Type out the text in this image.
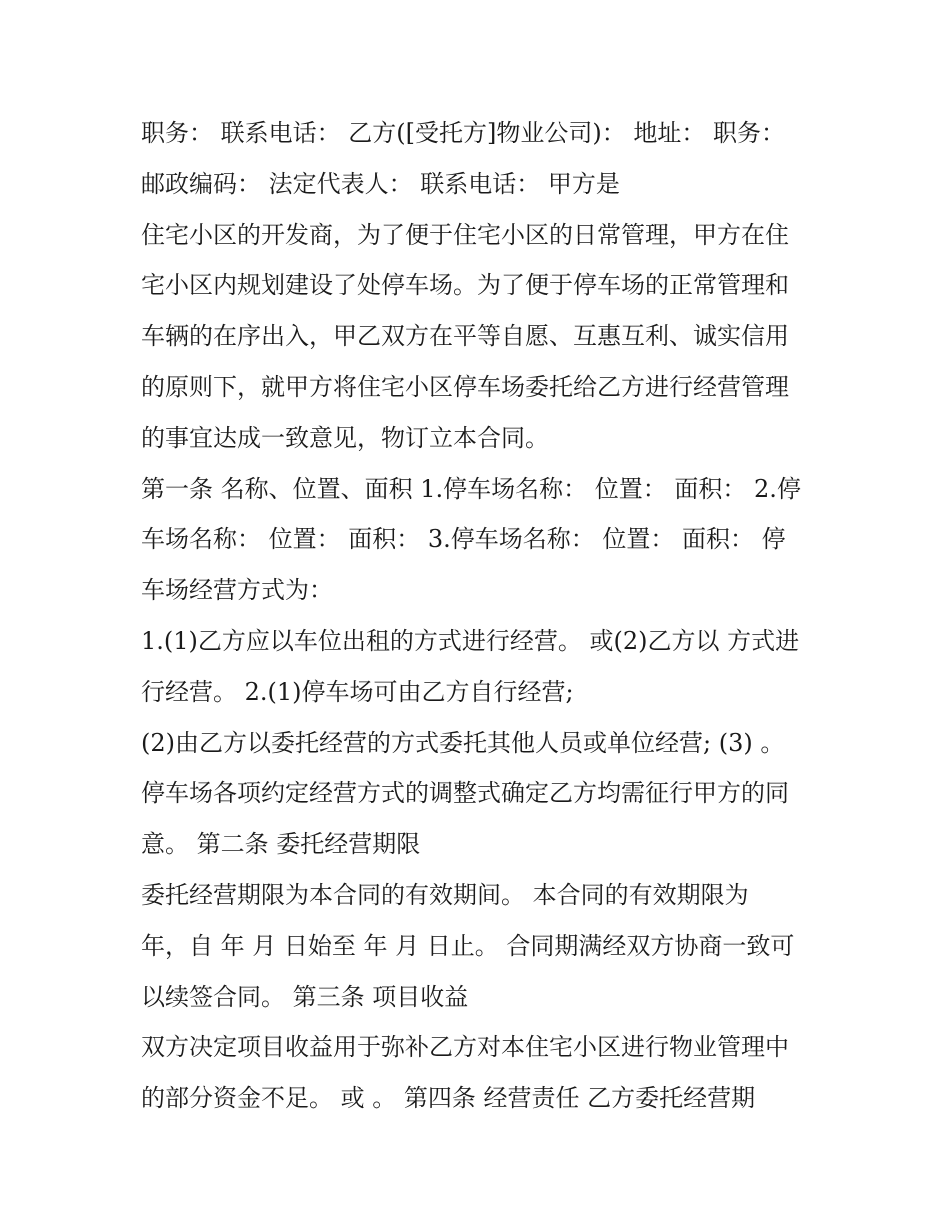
职务： 联系电话： 乙方([受托方]物业公司)： 地址： 职务：
邮政编码： 法定代表人： 联系电话： 甲方是
住宅小区的开发商，为了便于住宅小区的日常管理，甲方在住
宅小区内规划建设了处停车场。为了便于停车场的正常管理和
车辆的在序出入，甲乙双方在平等自愿、互惠互利、诚实信用
的原则下，就甲方将住宅小区停车场委托给乙方进行经营管理
的事宜达成一致意见，物订立本合同。
第一条 名称、位置、面积 1.停车场名称： 位置： 面积： 2.停
车场名称： 位置： 面积： 3.停车场名称： 位置： 面积： 停
车场经营方式为：
1.(1)乙方应以车位出租的方式进行经营。 或(2)乙方以 方式进
行经营。 2.(1)停车场可由乙方自行经营;
(2)由乙方以委托经营的方式委托其他人员或单位经营; (3) 。
停车场各项约定经营方式的调整式确定乙方均需征行甲方的同
意。 第二条 委托经营期限
委托经营期限为本合同的有效期间。 本合同的有效期限为
年，自 年 月 日始至 年 月 日止。 合同期满经双方协商一致可
以续签合同。 第三条 项目收益
双方决定项目收益用于弥补乙方对本住宅小区进行物业管理中
的部分资金不足。 或 。 第四条 经营责任 乙方委托经营期
